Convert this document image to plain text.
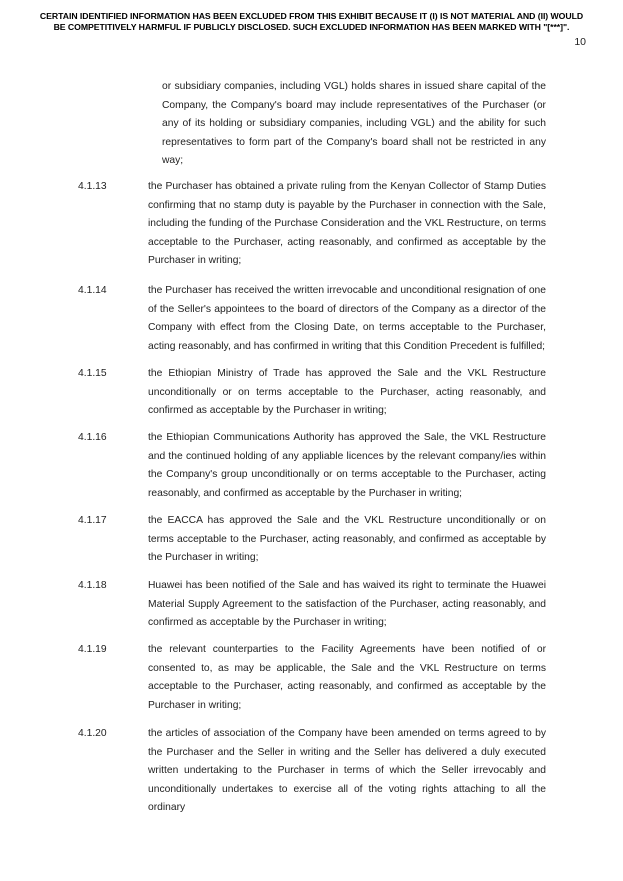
CERTAIN IDENTIFIED INFORMATION HAS BEEN EXCLUDED FROM THIS EXHIBIT BECAUSE IT (I) IS NOT MATERIAL AND (II) WOULD
BE COMPETITIVELY HARMFUL IF PUBLICLY DISCLOSED. SUCH EXCLUDED INFORMATION HAS BEEN MARKED WITH "[***]".
10

or subsidiary companies, including VGL) holds shares in issued share capital of the Company, the Company's board may include representatives of the Purchaser (or any of its holding or subsidiary companies, including VGL) and the ability for such representatives to form part of the Company's board shall not be restricted in any way;

4.1.13	the Purchaser has obtained a private ruling from the Kenyan Collector of Stamp Duties confirming that no stamp duty is payable by the Purchaser in connection with the Sale, including the funding of the Purchase Consideration and the VKL Restructure, on terms acceptable to the Purchaser, acting reasonably, and confirmed as acceptable by the Purchaser in writing;

4.1.14	the Purchaser has received the written irrevocable and unconditional resignation of one of the Seller's appointees to the board of directors of the Company as a director of the Company with effect from the Closing Date, on terms acceptable to the Purchaser, acting reasonably, and has confirmed in writing that this Condition Precedent is fulfilled;

4.1.15	the Ethiopian Ministry of Trade has approved the Sale and the VKL Restructure unconditionally or on terms acceptable to the Purchaser, acting reasonably, and confirmed as acceptable by the Purchaser in writing;

4.1.16	the Ethiopian Communications Authority has approved the Sale, the VKL Restructure and the continued holding of any appliable licences by the relevant company/ies within the Company's group unconditionally or on terms acceptable to the Purchaser, acting reasonably, and confirmed as acceptable by the Purchaser in writing;

4.1.17	the EACCA has approved the Sale and the VKL Restructure unconditionally or on terms acceptable to the Purchaser, acting reasonably, and confirmed as acceptable by the Purchaser in writing;

4.1.18	Huawei has been notified of the Sale and has waived its right to terminate the Huawei Material Supply Agreement to the satisfaction of the Purchaser, acting reasonably, and confirmed as acceptable by the Purchaser in writing;

4.1.19	the relevant counterparties to the Facility Agreements have been notified of or consented to, as may be applicable, the Sale and the VKL Restructure on terms acceptable to the Purchaser, acting reasonably, and confirmed as acceptable by the Purchaser in writing;

4.1.20	the articles of association of the Company have been amended on terms agreed to by the Purchaser and the Seller in writing and the Seller has delivered a duly executed written undertaking to the Purchaser in terms of which the Seller irrevocably and unconditionally undertakes to exercise all of the voting rights attaching to all the ordinary
